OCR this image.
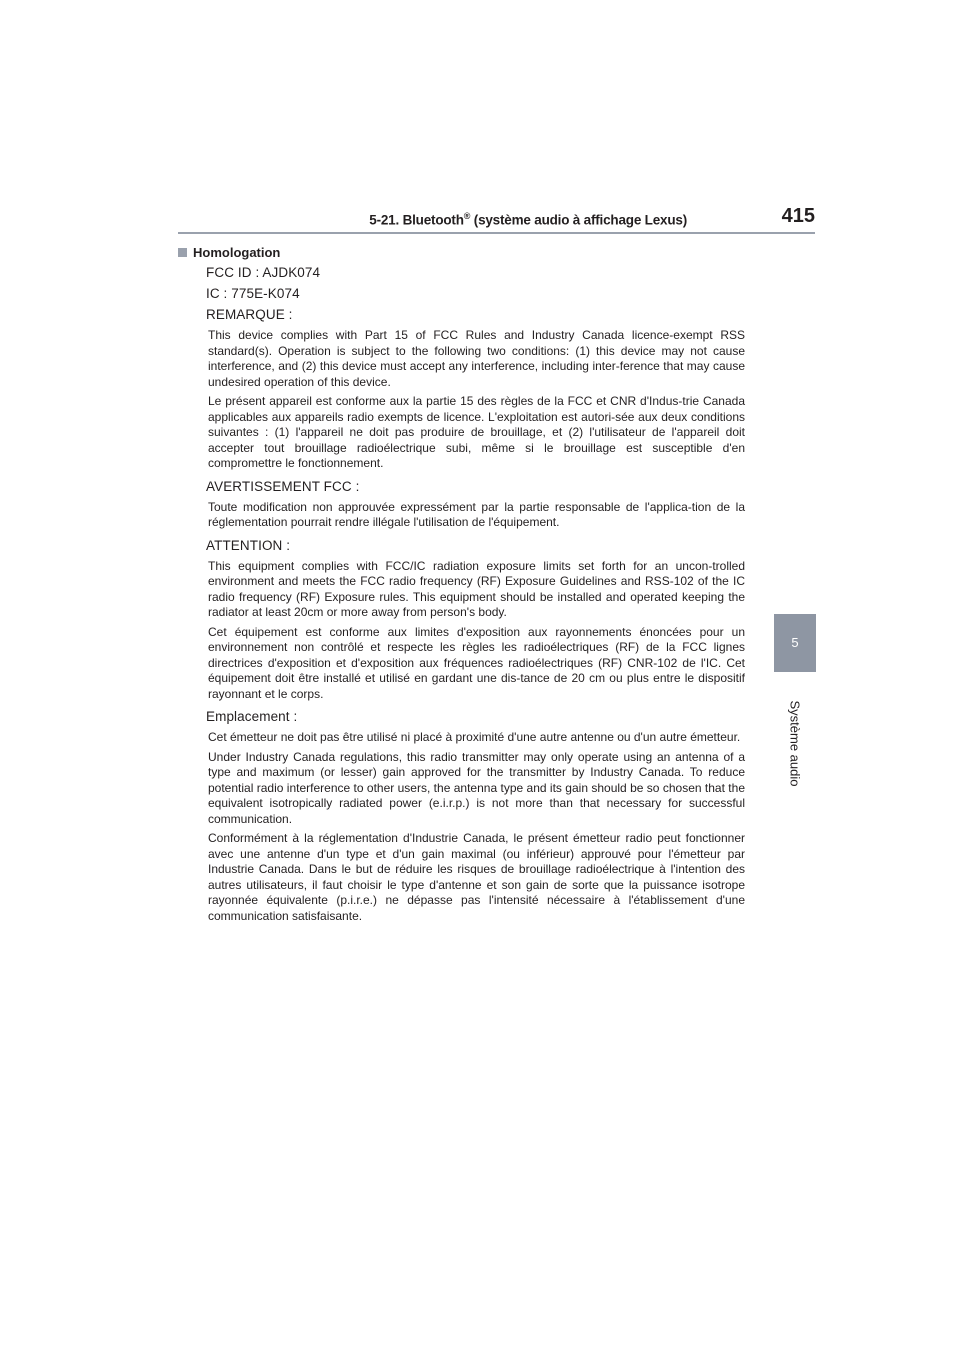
5-21. Bluetooth® (système audio à affichage Lexus)	415
5
Système audio
Homologation
FCC ID : AJDK074
IC : 775E-K074
REMARQUE :

This device complies with Part 15 of FCC Rules and Industry Canada licence-exempt RSS standard(s). Operation is subject to the following two conditions: (1) this device may not cause interference, and (2) this device must accept any interference, including inter-ference that may cause undesired operation of this device.

Le présent appareil est conforme aux la partie 15 des règles de la FCC et CNR d'Indus-trie Canada applicables aux appareils radio exempts de licence. L'exploitation est autori-sée aux deux conditions suivantes : (1) l'appareil ne doit pas produire de brouillage, et (2) l'utilisateur de l'appareil doit accepter tout brouillage radioélectrique subi, même si le brouillage est susceptible d'en compromettre le fonctionnement.

AVERTISSEMENT FCC :

Toute modification non approuvée expressément par la partie responsable de l'applica-tion de la réglementation pourrait rendre illégale l'utilisation de l'équipement.

ATTENTION :

This equipment complies with FCC/IC radiation exposure limits set forth for an uncon-trolled environment and meets the FCC radio frequency (RF) Exposure Guidelines and RSS-102 of the IC radio frequency (RF) Exposure rules. This equipment should be installed and operated keeping the radiator at least 20cm or more away from person's body.

Cet équipement est conforme aux limites d'exposition aux rayonnements énoncées pour un environnement non contrôlé et respecte les règles les radioélectriques (RF) de la FCC lignes directrices d'exposition et d'exposition aux fréquences radioélectriques (RF) CNR-102 de l'IC. Cet équipement doit être installé et utilisé en gardant une dis-tance de 20 cm ou plus entre le dispositif rayonnant et le corps.

Emplacement :

Cet émetteur ne doit pas être utilisé ni placé à proximité d'une autre antenne ou d'un autre émetteur.

Under Industry Canada regulations, this radio transmitter may only operate using an antenna of a type and maximum (or lesser) gain approved for the transmitter by Industry Canada. To reduce potential radio interference to other users, the antenna type and its gain should be so chosen that the equivalent isotropically radiated power (e.i.r.p.) is not more than that necessary for successful communication.

Conformément à la réglementation d'Industrie Canada, le présent émetteur radio peut fonctionner avec une antenne d'un type et d'un gain maximal (ou inférieur) approuvé pour l'émetteur par Industrie Canada. Dans le but de réduire les risques de brouillage radioélectrique à l'intention des autres utilisateurs, il faut choisir le type d'antenne et son gain de sorte que la puissance isotrope rayonnée équivalente (p.i.r.e.) ne dépasse pas l'intensité nécessaire à l'établissement d'une communication satisfaisante.
